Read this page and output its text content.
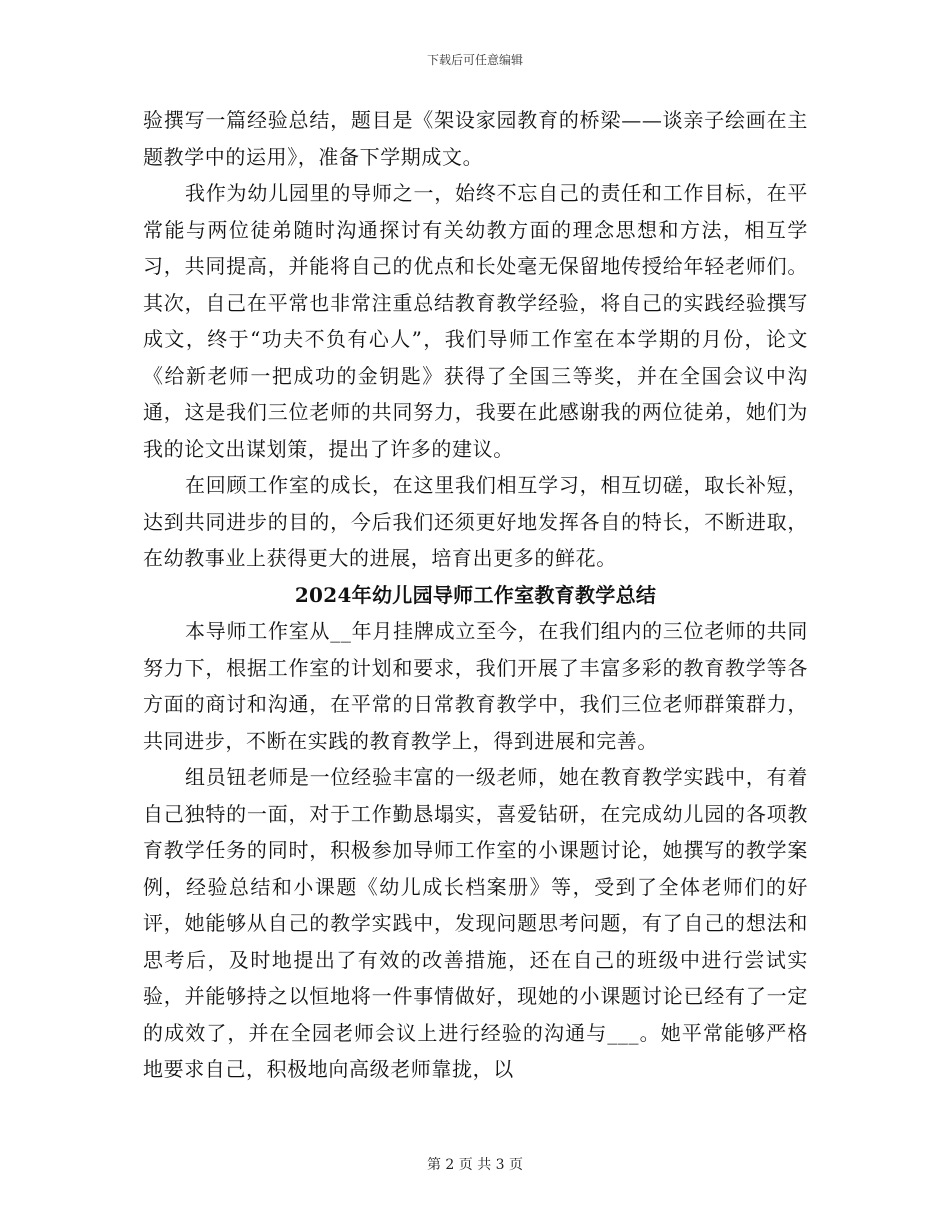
下载后可任意编辑

验撰写一篇经验总结，题目是《架设家园教育的桥梁——谈亲子绘画在主题教学中的运用》，准备下学期成文。

我作为幼儿园里的导师之一，始终不忘自己的责任和工作目标，在平常能与两位徒弟随时沟通探讨有关幼教方面的理念思想和方法，相互学习，共同提高，并能将自己的优点和长处毫无保留地传授给年轻老师们。其次，自己在平常也非常注重总结教育教学经验，将自己的实践经验撰写成文，终于“功夫不负有心人”，我们导师工作室在本学期的月份，论文《给新老师一把成功的金钥匙》获得了全国三等奖，并在全国会议中沟通，这是我们三位老师的共同努力，我要在此感谢我的两位徒弟，她们为我的论文出谋划策，提出了许多的建议。

在回顾工作室的成长，在这里我们相互学习，相互切磋，取长补短，达到共同进步的目的，今后我们还须更好地发挥各自的特长，不断进取，在幼教事业上获得更大的进展，培育出更多的鲜花。

2024年幼儿园导师工作室教育教学总结

本导师工作室从__年月挂牌成立至今，在我们组内的三位老师的共同努力下，根据工作室的计划和要求，我们开展了丰富多彩的教育教学等各方面的商讨和沟通，在平常的日常教育教学中，我们三位老师群策群力，共同进步，不断在实践的教育教学上，得到进展和完善。

组员钮老师是一位经验丰富的一级老师，她在教育教学实践中，有着自己独特的一面，对于工作勤恳塌实，喜爱钻研，在完成幼儿园的各项教育教学任务的同时，积极参加导师工作室的小课题讨论，她撰写的教学案例，经验总结和小课题《幼儿成长档案册》等，受到了全体老师们的好评，她能够从自己的教学实践中，发现问题思考问题，有了自己的想法和思考后，及时地提出了有效的改善措施，还在自己的班级中进行尝试实验，并能够持之以恒地将一件事情做好，现她的小课题讨论已经有了一定的成效了，并在全园老师会议上进行经验的沟通与___。她平常能够严格地要求自己，积极地向高级老师靠拢，以

第 2 页 共 3 页
